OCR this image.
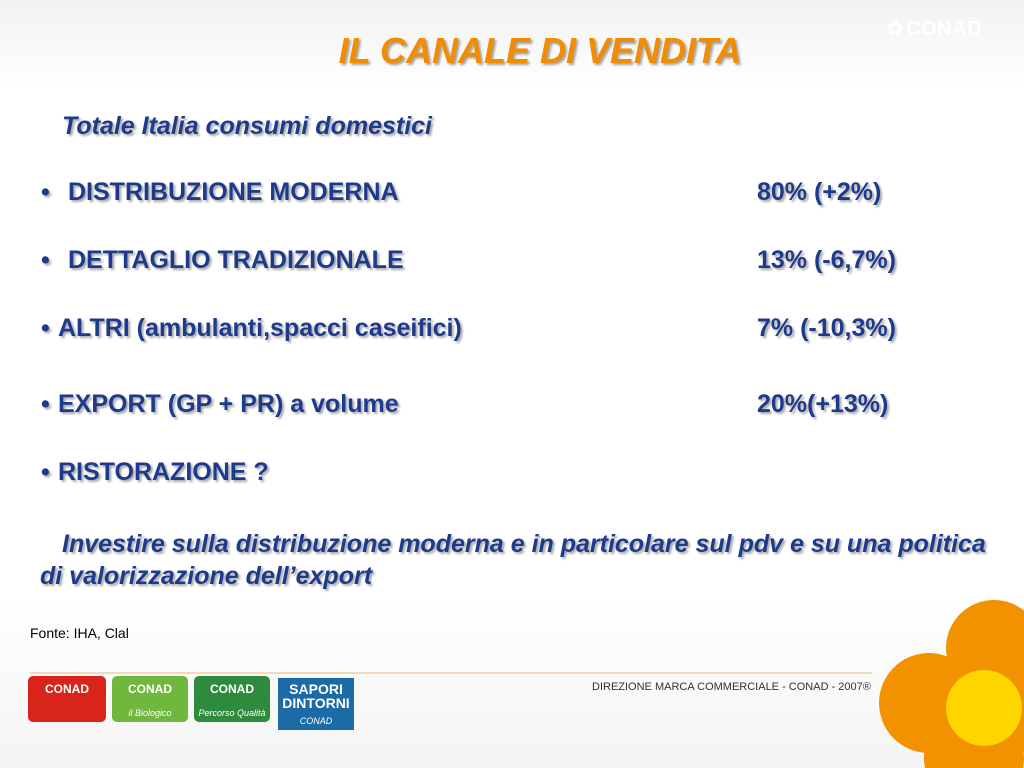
✿ CONAD
IL CANALE DI VENDITA
Totale Italia consumi domestici
• DISTRIBUZIONE MODERNA	80% (+2%)
• DETTAGLIO TRADIZIONALE	13% (-6,7%)
• ALTRI (ambulanti,spacci caseifici)	7% (-10,3%)
• EXPORT (GP + PR) a volume	20%(+13%)
• RISTORAZIONE ?
Investire sulla distribuzione moderna e in particolare sul pdv e su una politica di valorizzazione dell’export
Fonte: IHA, Clal
DIREZIONE MARCA COMMERCIALE - CONAD - 2007®
CONAD	CONAD
il Biologico
CONAD
Percorso Qualità
SAPORI DINTORNI
CONAD
